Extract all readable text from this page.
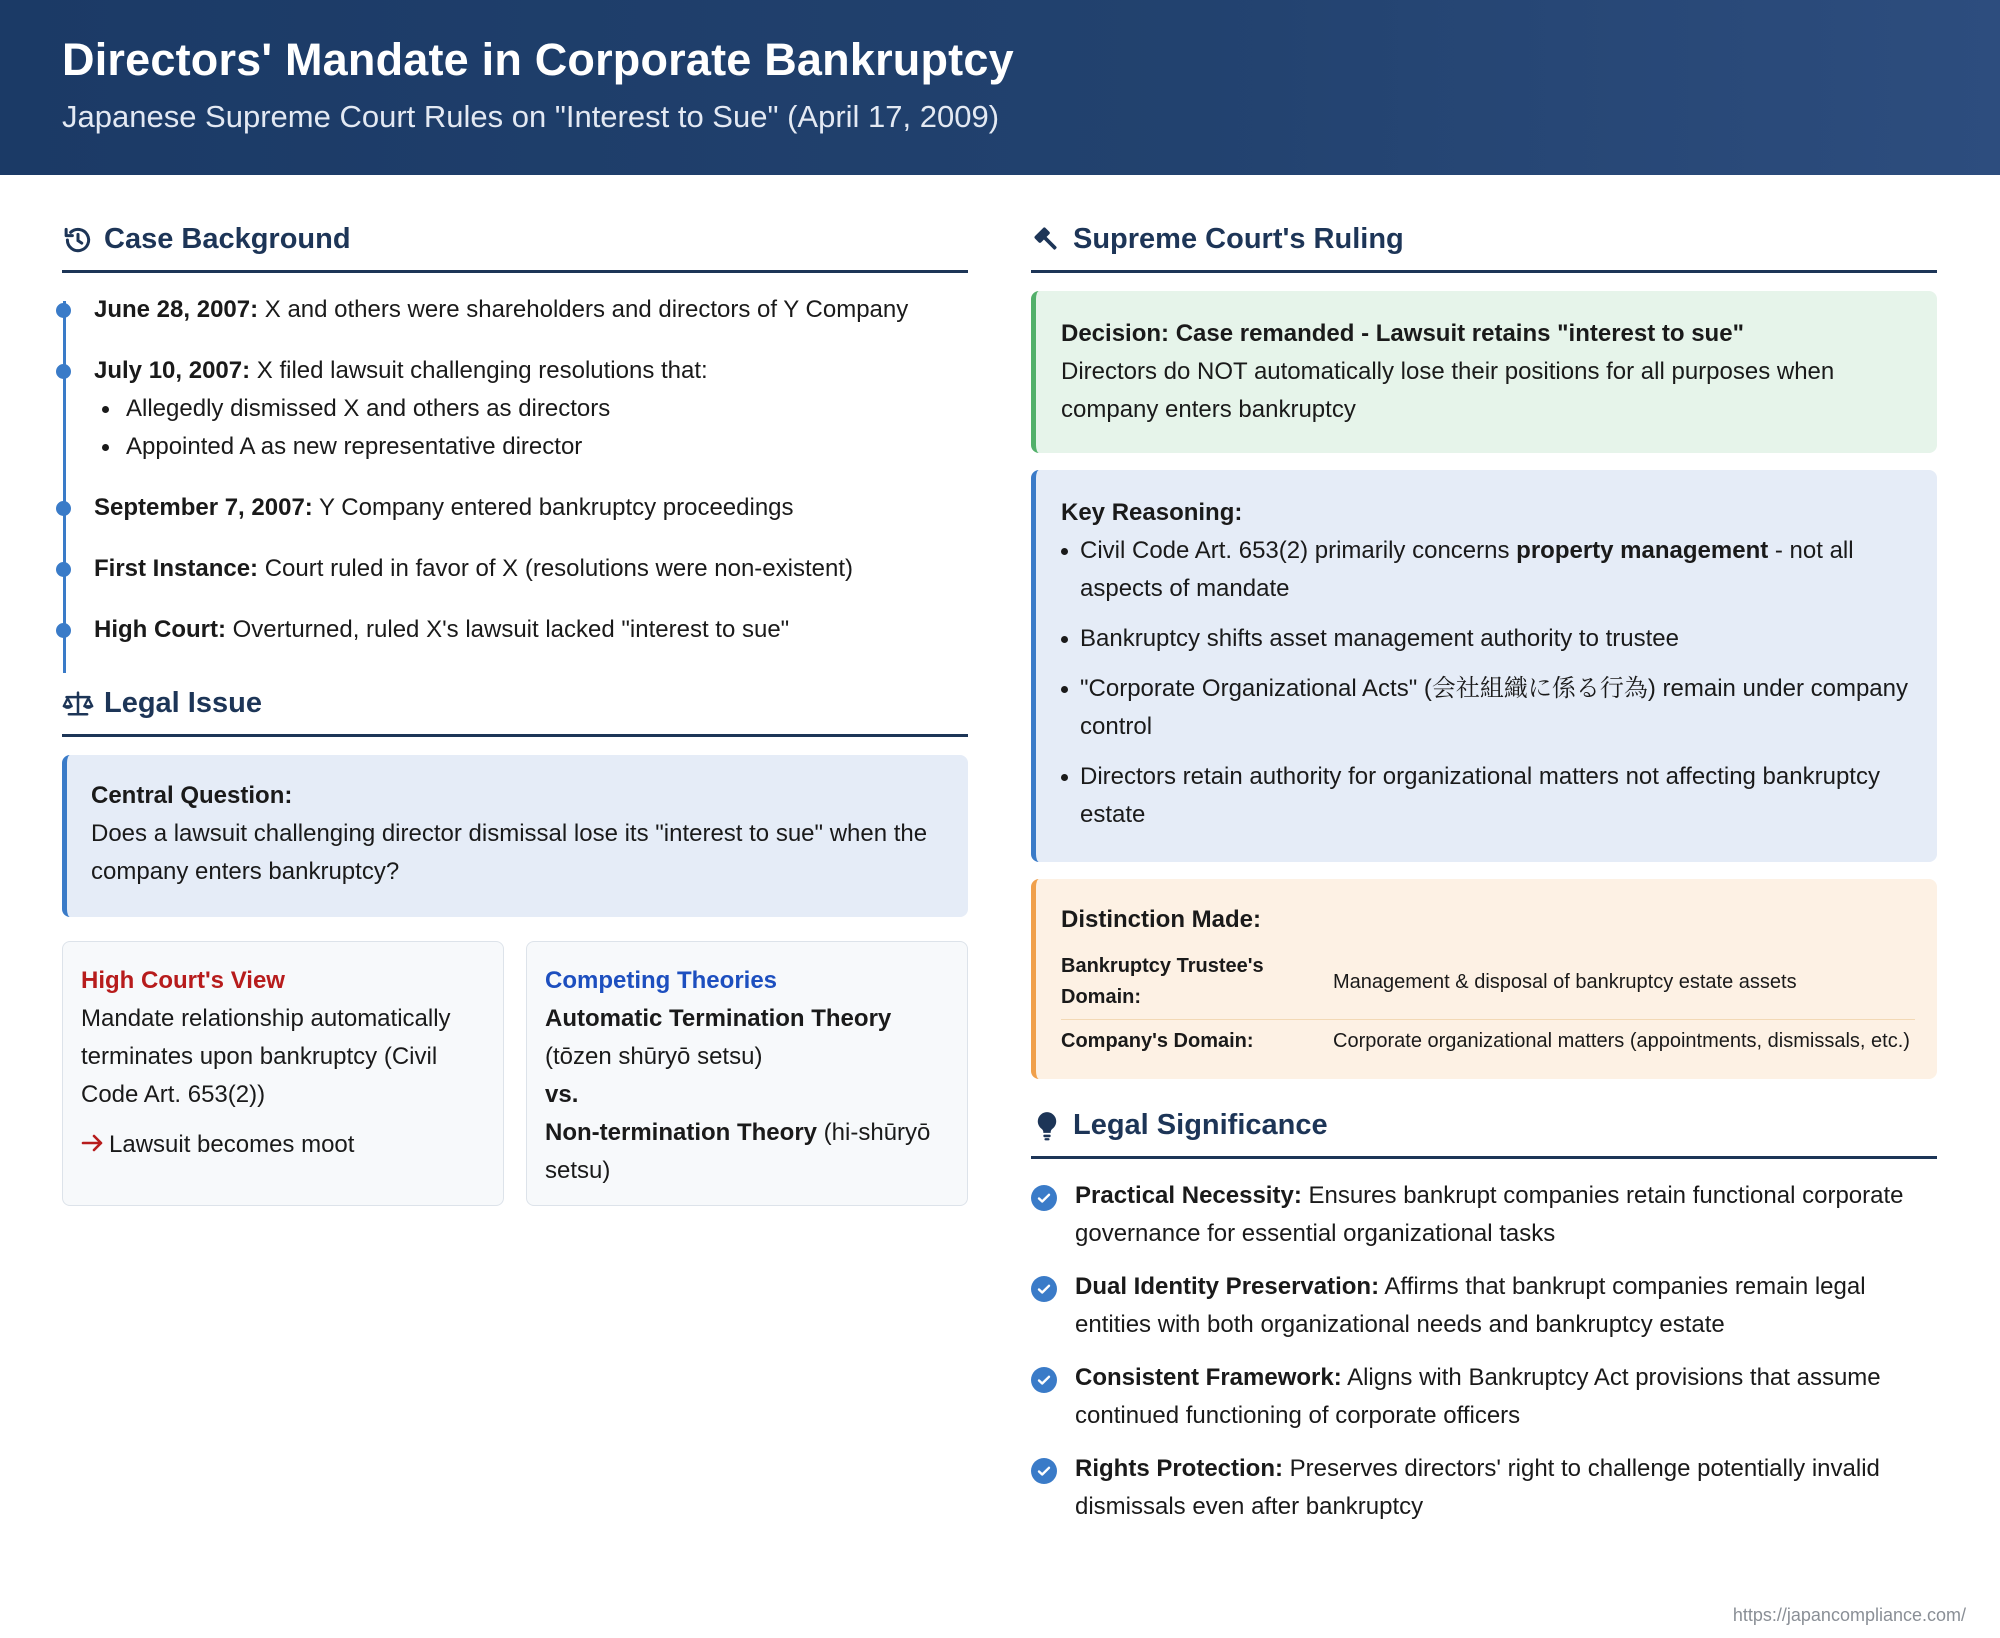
Directors' Mandate in Corporate Bankruptcy
Japanese Supreme Court Rules on "Interest to Sue" (April 17, 2009)
Case Background
June 28, 2007: X and others were shareholders and directors of Y Company
July 10, 2007: X filed lawsuit challenging resolutions that:
Allegedly dismissed X and others as directors
Appointed A as new representative director
September 7, 2007: Y Company entered bankruptcy proceedings
First Instance: Court ruled in favor of X (resolutions were non-existent)
High Court: Overturned, ruled X's lawsuit lacked "interest to sue"
Legal Issue
Central Question:
Does a lawsuit challenging director dismissal lose its "interest to sue" when the company enters bankruptcy?
High Court's View
Mandate relationship automatically terminates upon bankruptcy (Civil Code Art. 653(2))
Lawsuit becomes moot
Competing Theories
Automatic Termination Theory
(tōzen shūryō setsu)
vs.
Non-termination Theory (hi-shūryō setsu)
Supreme Court's Ruling
Decision: Case remanded - Lawsuit retains "interest to sue"
Directors do NOT automatically lose their positions for all purposes when company enters bankruptcy
Key Reasoning:
Civil Code Art. 653(2) primarily concerns property management - not all aspects of mandate
Bankruptcy shifts asset management authority to trustee
"Corporate Organizational Acts" (会社組織に係る行為) remain under company control
Directors retain authority for organizational matters not affecting bankruptcy estate
Distinction Made:
Bankruptcy Trustee's Domain:	Management & disposal of bankruptcy estate assets
Company's Domain:	Corporate organizational matters (appointments, dismissals, etc.)
Legal Significance
Practical Necessity: Ensures bankrupt companies retain functional corporate governance for essential organizational tasks
Dual Identity Preservation: Affirms that bankrupt companies remain legal entities with both organizational needs and bankruptcy estate
Consistent Framework: Aligns with Bankruptcy Act provisions that assume continued functioning of corporate officers
Rights Protection: Preserves directors' right to challenge potentially invalid dismissals even after bankruptcy
https://japancompliance.com/
